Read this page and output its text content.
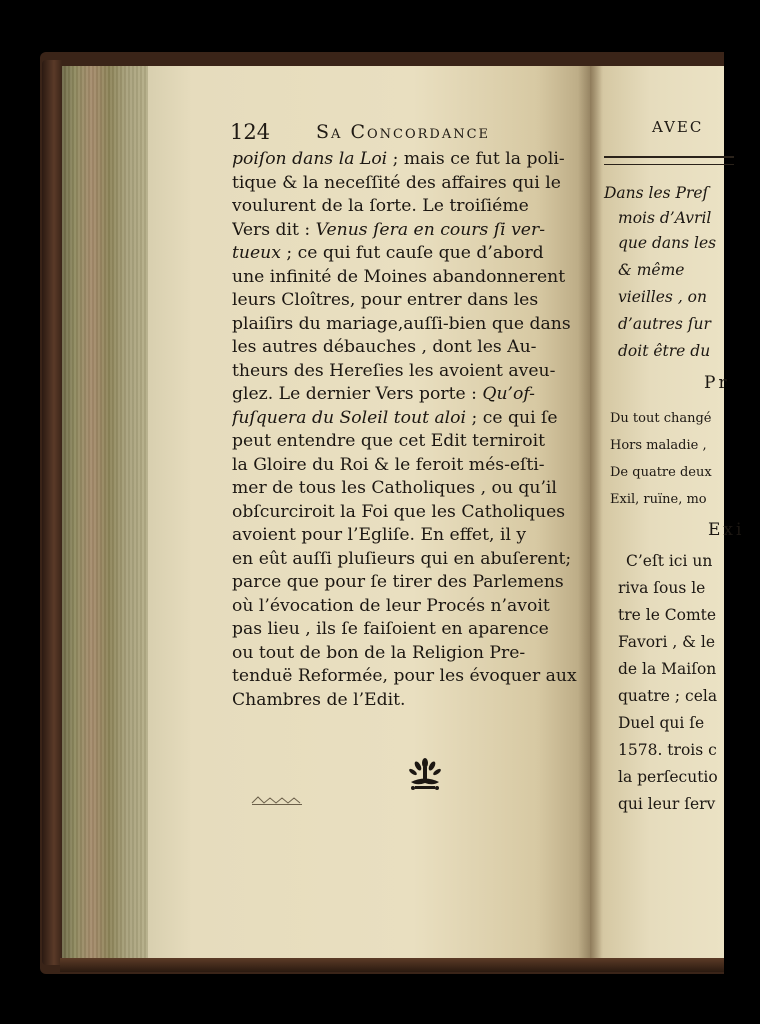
124 Sa Concordance
poiſon dans la Loi ; mais ce fut la poli-
tique & la neceſſité des affaires qui le
voulurent de la ſorte. Le troiſiéme
Vers dit : Venus ſera en cours ſi ver-
tueux ; ce qui fut cauſe que d’abord
une infinité de Moines abandonnerent
leurs Cloîtres, pour entrer dans les
plaiſirs du mariage,auſſi-bien que dans
les autres débauches , dont les Au-
theurs des Hereſies les avoient aveu-
glez. Le dernier Vers porte : Qu’of-
fuſquera du Soleil tout aloi ; ce qui ſe
peut entendre que cet Edit terniroit
la Gloire du Roi & le feroit més-eſti-
mer de tous les Catholiques , ou qu’il
obſcurciroit la Foi que les Catholiques
avoient pour l’Egliſe. En effet, il y
en eût auſſi pluſieurs qui en abuſerent;
parce que pour ſe tirer des Parlemens
où l’évocation de leur Procés n’avoit
pas lieu , ils ſe faiſoient en aparence
ou tout de bon de la Religion Pre-
tenduë Reformée, pour les évoquer aux
Chambres de l’Edit.
AVEC
Dans les Preſ
mois d’Avril
que dans les
& même
vieilles , on
d’autres ſur
doit être du
Pr
Du tout changé
Hors maladie ,
De quatre deux
Exil, ruïne, mo
Exi
C’eſt ici un
riva ſous le
tre le Comte
Favori , & le
de la Maiſon
quatre ; cela
Duel qui ſe
1578. trois c
la perſecutio
qui leur ſerv
